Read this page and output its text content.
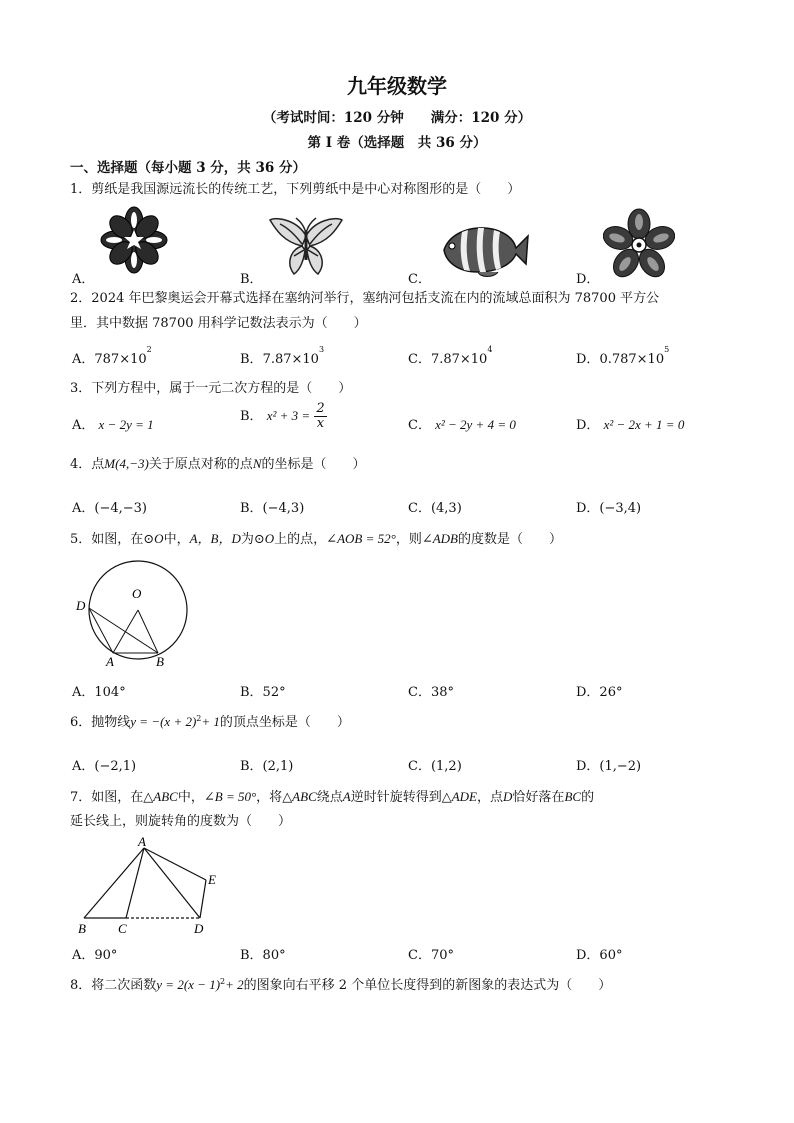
九年级数学
（考试时间：120 分钟　　满分：120 分）
第 I 卷（选择题　共 36 分）
一、选择题（每小题 3 分，共 36 分）
1．剪纸是我国源远流长的传统工艺，下列剪纸中是中心对称图形的是（　　）
A．	B．	C．	D．
2．2024 年巴黎奥运会开幕式选择在塞纳河举行，塞纳河包括支流在内的流域总面积为 78700 平方公
里．其中数据 78700 用科学记数法表示为（　　）
A．$787\times 10^2$
B．$7.87\times 10^3$
C．$7.87\times 10^4$
D．$0.787\times 10^5$
3．下列方程中，属于一元二次方程的是（　　）
A． x − 2y = 1
B． $x^2 + 3 = \frac{2}{x}$	C． x² − 2y + 4 = 0	D． x² − 2x + 1 = 0
4．点M(4,−3)关于原点对称的点N的坐标是（　　）
A．(−4,−3)	B．(−4,3)	C．(4,3)	D．(−3,4)
5．如图，在⊙O中，A，B，D为⊙O上的点，∠AOB = 52°，则∠ADB的度数是（　　）
D
O
A	B
A．104°	B．52°	C．38°	D．26°
6．抛物线$y = -(x + 2)^2+ 1$的顶点坐标是（　　）
A．(−2,1)	B．(2,1)	C．(1,2)	D．(1,−2)
7．如图，在△ABC中，∠B = 50°，将△ABC绕点A逆时针旋转得到△ADE，点D恰好落在BC的
延长线上，则旋转角的度数为（　　）
A
E
B C	D
A．90°	B．80°	C．70°	D．60°
8．将二次函数$y = 2(x - 1)^2+ 2$的图象向右平移 2 个单位长度得到的新图象的表达式为（　　）
